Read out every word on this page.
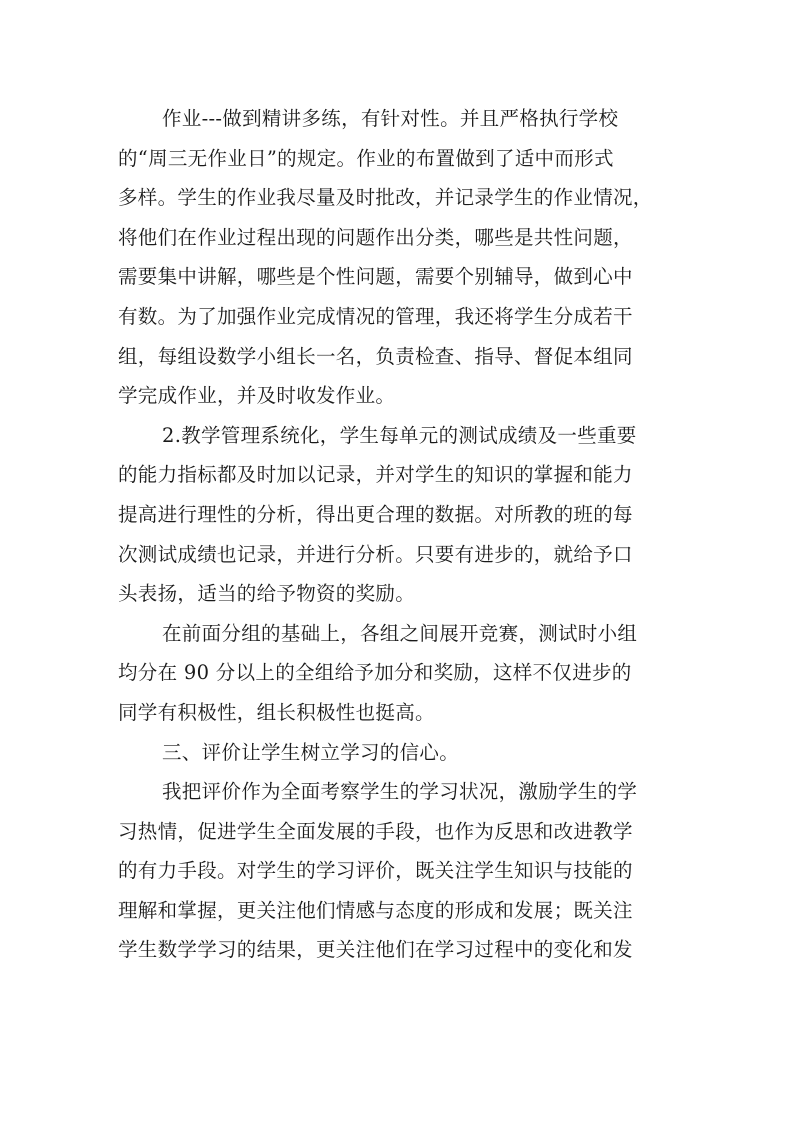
作业---做到精讲多练，有针对性。并且严格执行学校
的“周三无作业日”的规定。作业的布置做到了适中而形式
多样。学生的作业我尽量及时批改，并记录学生的作业情况，
将他们在作业过程出现的问题作出分类，哪些是共性问题，
需要集中讲解，哪些是个性问题，需要个别辅导，做到心中
有数。为了加强作业完成情况的管理，我还将学生分成若干
组，每组设数学小组长一名，负责检查、指导、督促本组同
学完成作业，并及时收发作业。
2.教学管理系统化，学生每单元的测试成绩及一些重要
的能力指标都及时加以记录，并对学生的知识的掌握和能力
提高进行理性的分析，得出更合理的数据。对所教的班的每
次测试成绩也记录，并进行分析。只要有进步的，就给予口
头表扬，适当的给予物资的奖励。
在前面分组的基础上，各组之间展开竞赛，测试时小组
均分在 90 分以上的全组给予加分和奖励，这样不仅进步的
同学有积极性，组长积极性也挺高。
三、评价让学生树立学习的信心。
我把评价作为全面考察学生的学习状况，激励学生的学
习热情，促进学生全面发展的手段，也作为反思和改进教学
的有力手段。对学生的学习评价，既关注学生知识与技能的
理解和掌握，更关注他们情感与态度的形成和发展；既关注
学生数学学习的结果，更关注他们在学习过程中的变化和发
